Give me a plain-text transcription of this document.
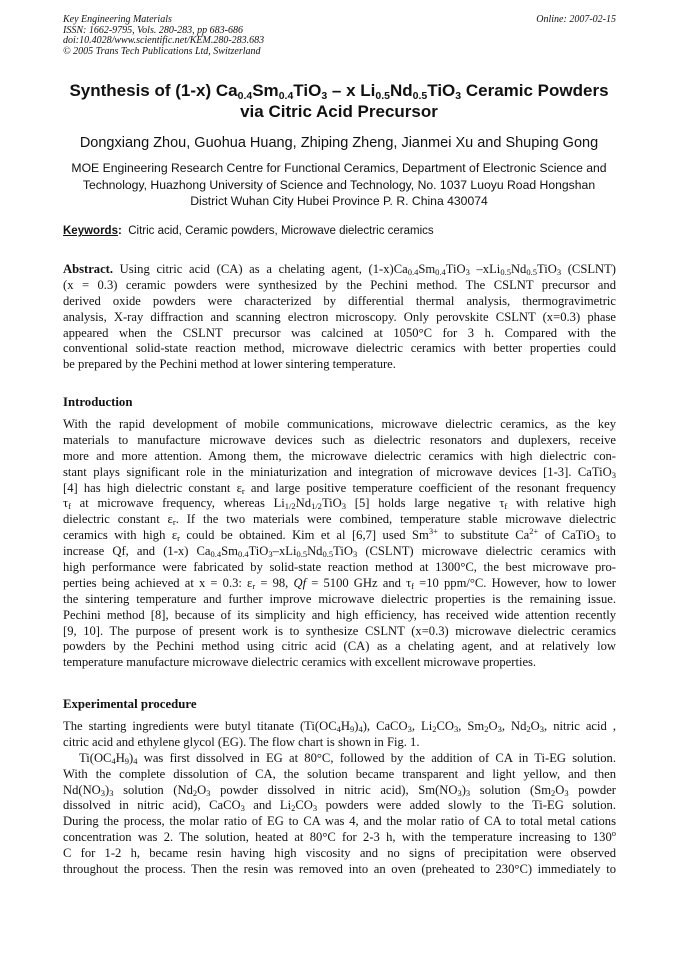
Key Engineering Materials
ISSN: 1662-9795, Vols. 280-283, pp 683-686
doi:10.4028/www.scientific.net/KEM.280-283.683
© 2005 Trans Tech Publications Ltd, Switzerland
Online: 2007-02-15
Synthesis of (1-x) $Ca_{0.4}Sm_{0.4}TiO_3$ – x $Li_{0.5}Nd_{0.5}TiO_3$ Ceramic Powders
via Citric Acid Precursor
Dongxiang Zhou, Guohua Huang, Zhiping Zheng, Jianmei Xu and Shuping Gong
MOE Engineering Research Centre for Functional Ceramics, Department of Electronic Science and
Technology, Huazhong University of Science and Technology, No. 1037 Luoyu Road Hongshan
District Wuhan City Hubei Province P. R. China 430074
Keywords: Citric acid, Ceramic powders, Microwave dielectric ceramics
Abstract. Using citric acid (CA) as a chelating agent, $(1-x)Ca_{0.4}Sm_{0.4}TiO_3$ $-xLi_{0.5}Nd_{0.5}TiO_3$ (CSLNT)
(x = 0.3) ceramic powders were synthesized by the Pechini method. The CSLNT precursor and
derived oxide powders were characterized by differential thermal analysis, thermogravimetric
analysis, X-ray diffraction and scanning electron microscopy. Only perovskite CSLNT (x=0.3) phase
appeared when the CSLNT precursor was calcined at 1050°C for 3 h. Compared with the
conventional solid-state reaction method, microwave dielectric ceramics with better properties could
be prepared by the Pechini method at lower sintering temperature.
Introduction
With the rapid development of mobile communications, microwave dielectric ceramics, as the key
materials to manufacture microwave devices such as dielectric resonators and duplexers, receive
more and more attention. Among them, the microwave dielectric ceramics with high dielectric con-
stant plays significant role in the miniaturization and integration of microwave devices [1-3]. CaTiO$_3$
[4] has high dielectric constant $\varepsilon_r$ and large positive temperature coefficient of the resonant frequency
$\tau_f$ at microwave frequency, whereas $Li_{1/2}Nd_{1/2}TiO_3$ [5] holds large negative $\tau_f$ with relative high
dielectric constant $\varepsilon_r$. If the two materials were combined, temperature stable microwave dielectric
ceramics with high $\varepsilon_r$ could be obtained. Kim et al [6,7] used $Sm^{3+}$ to substitute $Ca^{2+}$ of CaTiO$_3$ to
increase Qf, and (1-x) $Ca_{0.4}Sm_{0.4}TiO_3-xLi_{0.5}Nd_{0.5}TiO_3$ (CSLNT) microwave dielectric ceramics with
high performance were fabricated by solid-state reaction method at 1300°C, the best microwave pro-
perties being achieved at x = 0.3: $\varepsilon_r = 98$, Qf = 5100 GHz and $\tau_f =10$ ppm/°C. However, how to lower
the sintering temperature and further improve microwave dielectric properties is the remaining issue.
Pechini method [8], because of its simplicity and high efficiency, has received wide attention recently
[9, 10]. The purpose of present work is to synthesize CSLNT (x=0.3) microwave dielectric ceramics
powders by the Pechini method using citric acid (CA) as a chelating agent, and at relatively low
temperature manufacture microwave dielectric ceramics with excellent microwave properties.
Experimental procedure
The starting ingredients were butyl titanate $(Ti(OC_4H_9)_4)$, CaCO$_3$, $Li_2CO_3$, $Sm_2O_3$, $Nd_2O_3$, nitric acid ,
citric acid and ethylene glycol (EG). The flow chart is shown in Fig. 1.
$Ti(OC_4H_9)_4$ was first dissolved in EG at 80°C, followed by the addition of CA in Ti-EG solution.
With the complete dissolution of CA, the solution became transparent and light yellow, and then
$Nd(NO_3)_3$ solution ($Nd_2O_3$ powder dissolved in nitric acid), $Sm(NO_3)_3$ solution ($Sm_2O_3$ powder
dissolved in nitric acid), CaCO$_3$ and $Li_2CO_3$ powders were added slowly to the Ti-EG solution.
During the process, the molar ratio of EG to CA was 4, and the molar ratio of CA to total metal cations
concentration was 2. The solution, heated at 80°C for 2-3 h, with the temperature increasing to 130$^o$
C for 1-2 h, became resin having high viscosity and no signs of precipitation were observed
throughout the process. Then the resin was removed into an oven (preheated to 230°C) immediately to
